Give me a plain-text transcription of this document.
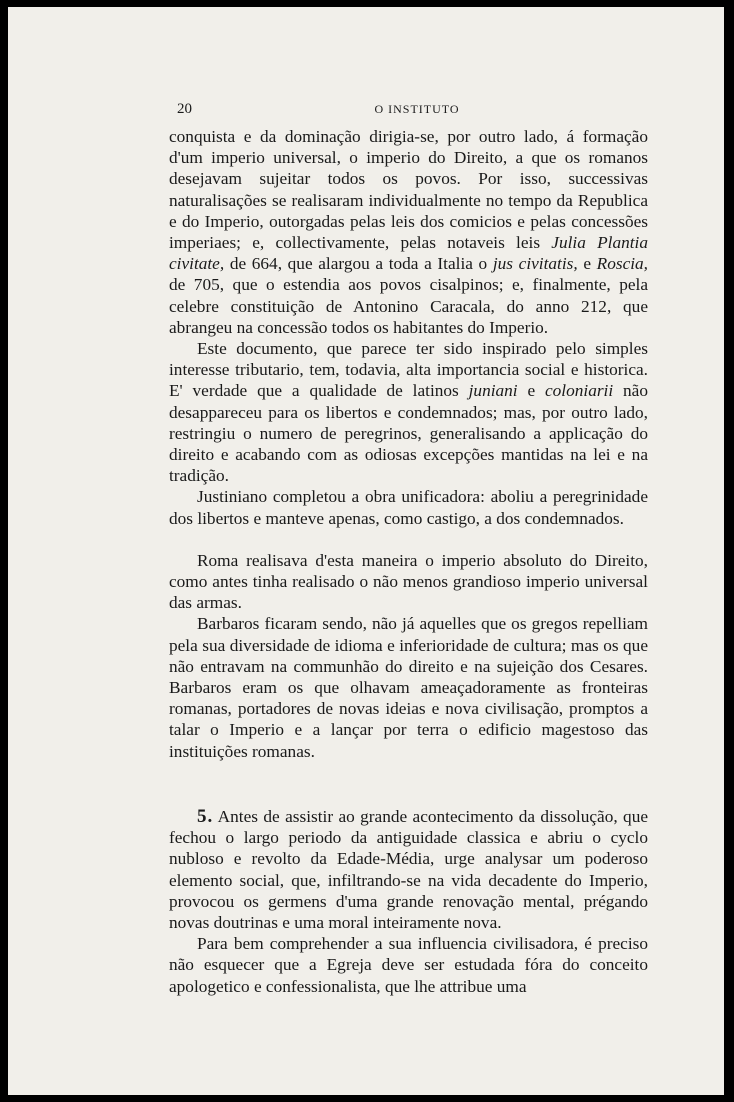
20	O INSTITUTO

conquista e da dominação dirigia-se, por outro lado, á formação d'um imperio universal, o imperio do Direito, a que os romanos desejavam sujeitar todos os povos. Por isso, successivas naturalisações se realisaram individualmente no tempo da Republica e do Imperio, outorgadas pelas leis dos comicios e pelas concessões imperiaes; e, collectivamente, pelas notaveis leis Julia Plantia civitate, de 664, que alargou a toda a Italia o jus civitatis, e Roscia, de 705, que o estendia aos povos cisalpinos; e, finalmente, pela celebre constituição de Antonino Caracala, do anno 212, que abrangeu na concessão todos os habitantes do Imperio.

Este documento, que parece ter sido inspirado pelo simples interesse tributario, tem, todavia, alta importancia social e historica. E' verdade que a qualidade de latinos juniani e coloniarii não desappareceu para os libertos e condemnados; mas, por outro lado, restringiu o numero de peregrinos, generalisando a applicação do direito e acabando com as odiosas excepções mantidas na lei e na tradição.

Justiniano completou a obra unificadora: aboliu a peregrinidade dos libertos e manteve apenas, como castigo, a dos condemnados.

Roma realisava d'esta maneira o imperio absoluto do Direito, como antes tinha realisado o não menos grandioso imperio universal das armas.

Barbaros ficaram sendo, não já aquelles que os gregos repelliam pela sua diversidade de idioma e inferioridade de cultura; mas os que não entravam na communhão do direito e na sujeição dos Cesares. Barbaros eram os que olhavam ameaçadoramente as fronteiras romanas, portadores de novas ideias e nova civilisação, promptos a talar o Imperio e a lançar por terra o edificio magestoso das instituições romanas.

5. Antes de assistir ao grande acontecimento da dissolução, que fechou o largo periodo da antiguidade classica e abriu o cyclo nubloso e revolto da Edade-Média, urge analysar um poderoso elemento social, que, infiltrando-se na vida decadente do Imperio, provocou os germens d'uma grande renovação mental, prégando novas doutrinas e uma moral inteiramente nova.

Para bem comprehender a sua influencia civilisadora, é preciso não esquecer que a Egreja deve ser estudada fóra do conceito apologetico e confessionalista, que lhe attribue uma
